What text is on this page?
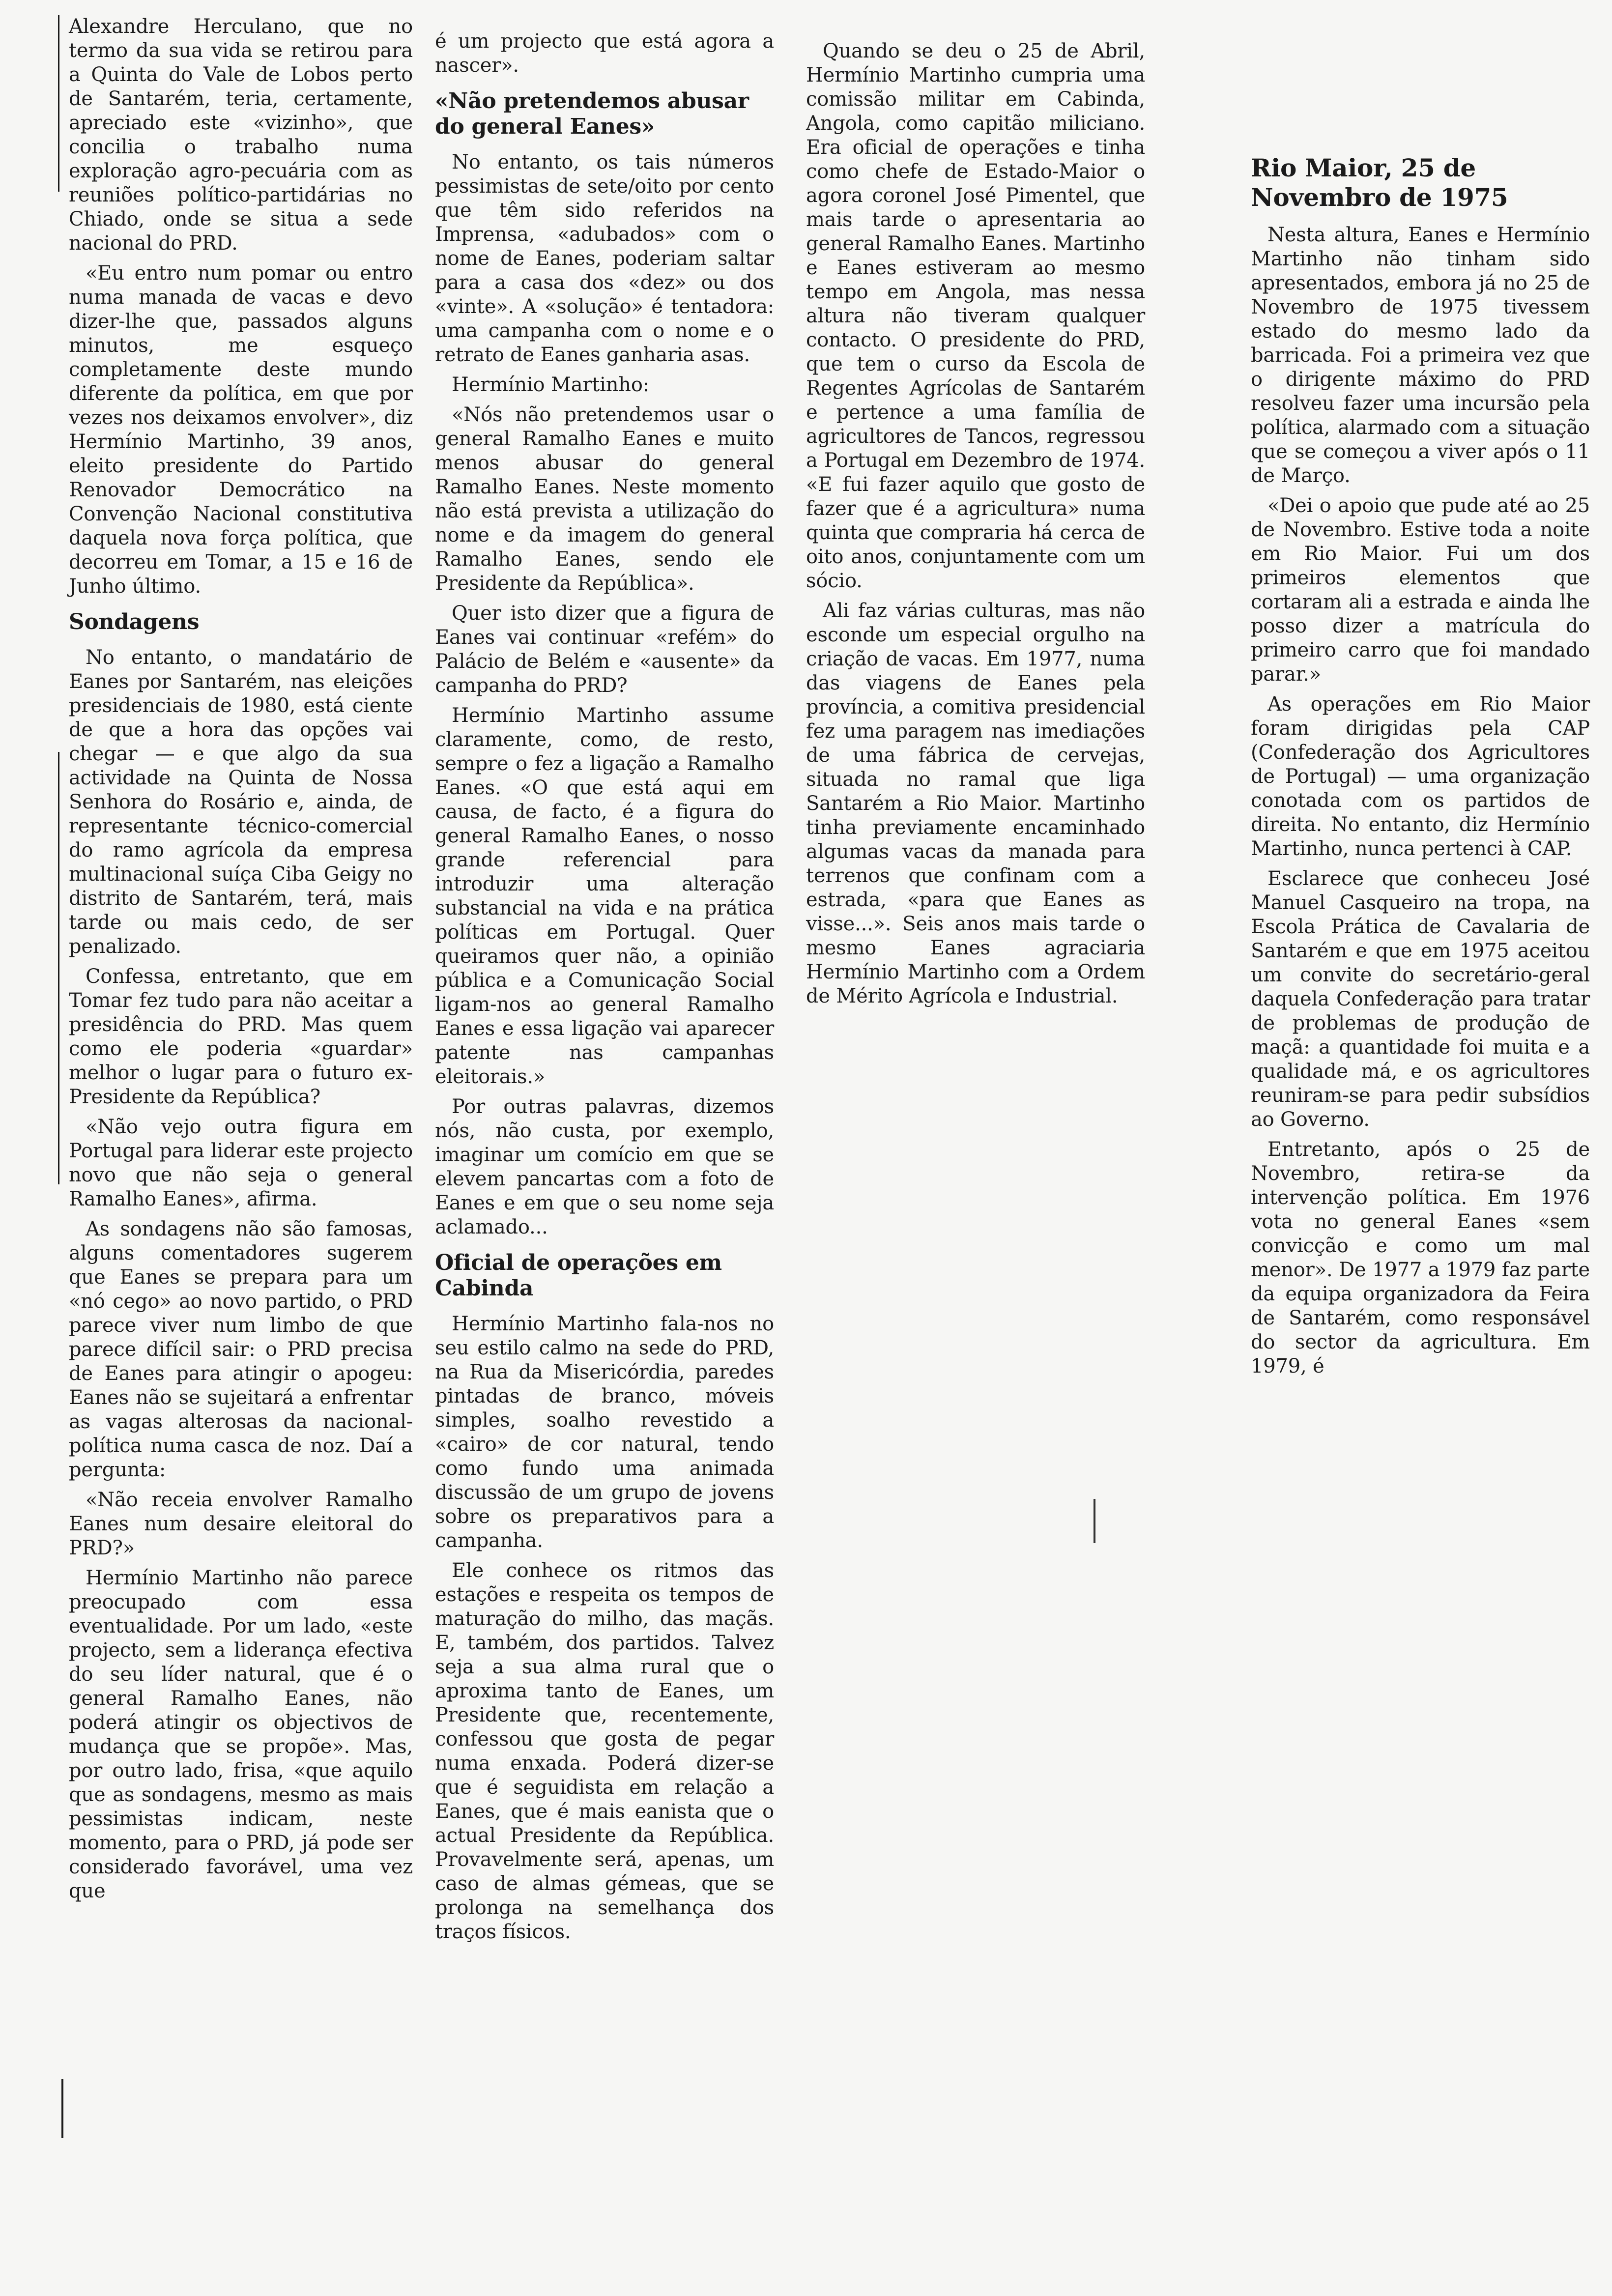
Alexandre Herculano, que no termo da sua vida se retirou para a Quinta do Vale de Lobos perto de Santarém, teria, certamente, apreciado este «vizinho», que concilia o trabalho numa exploração agro-pecuária com as reuniões político-partidárias no Chiado, onde se situa a sede nacional do PRD.

«Eu entro num pomar ou entro numa manada de vacas e devo dizer-lhe que, passados alguns minutos, me esqueço completamente deste mundo diferente da política, em que por vezes nos deixamos envolver», diz Hermínio Martinho, 39 anos, eleito presidente do Partido Renovador Democrático na Convenção Nacional constitutiva daquela nova força política, que decorreu em Tomar, a 15 e 16 de Junho último.

Sondagens

No entanto, o mandatário de Eanes por Santarém, nas eleições presidenciais de 1980, está ciente de que a hora das opções vai chegar — e que algo da sua actividade na Quinta de Nossa Senhora do Rosário e, ainda, de representante técnico-comercial do ramo agrícola da empresa multinacional suíça Ciba Geigy no distrito de Santarém, terá, mais tarde ou mais cedo, de ser penalizado.

Confessa, entretanto, que em Tomar fez tudo para não aceitar a presidência do PRD. Mas quem como ele poderia «guardar» melhor o lugar para o futuro ex-Presidente da República?

«Não vejo outra figura em Portugal para liderar este projecto novo que não seja o general Ramalho Eanes», afirma.

As sondagens não são famosas, alguns comentadores sugerem que Eanes se prepara para um «nó cego» ao novo partido, o PRD parece viver num limbo de que parece difícil sair: o PRD precisa de Eanes para atingir o apogeu: Eanes não se sujeitará a enfrentar as vagas alterosas da nacional-política numa casca de noz. Daí a pergunta:

«Não receia envolver Ramalho Eanes num desaire eleitoral do PRD?»

Hermínio Martinho não parece preocupado com essa eventualidade. Por um lado, «este projecto, sem a liderança efectiva do seu líder natural, que é o general Ramalho Eanes, não poderá atingir os objectivos de mudança que se propõe». Mas, por outro lado, frisa, «que aquilo que as sondagens, mesmo as mais pessimistas indicam, neste momento, para o PRD, já pode ser considerado favorável, uma vez que

é um projecto que está agora a nascer».

«Não pretendemos abusar do general Eanes»

No entanto, os tais números pessimistas de sete/oito por cento que têm sido referidos na Imprensa, «adubados» com o nome de Eanes, poderiam saltar para a casa dos «dez» ou dos «vinte». A «solução» é tentadora: uma campanha com o nome e o retrato de Eanes ganharia asas.

Hermínio Martinho:

«Nós não pretendemos usar o general Ramalho Eanes e muito menos abusar do general Ramalho Eanes. Neste momento não está prevista a utilização do nome e da imagem do general Ramalho Eanes, sendo ele Presidente da República».

Quer isto dizer que a figura de Eanes vai continuar «refém» do Palácio de Belém e «ausente» da campanha do PRD?

Hermínio Martinho assume claramente, como, de resto, sempre o fez a ligação a Ramalho Eanes. «O que está aqui em causa, de facto, é a figura do general Ramalho Eanes, o nosso grande referencial para introduzir uma alteração substancial na vida e na prática políticas em Portugal. Quer queiramos quer não, a opinião pública e a Comunicação Social ligam-nos ao general Ramalho Eanes e essa ligação vai aparecer patente nas campanhas eleitorais.»

Por outras palavras, dizemos nós, não custa, por exemplo, imaginar um comício em que se elevem pancartas com a foto de Eanes e em que o seu nome seja aclamado...

Oficial de operações em Cabinda

Hermínio Martinho fala-nos no seu estilo calmo na sede do PRD, na Rua da Misericórdia, paredes pintadas de branco, móveis simples, soalho revestido a «cairo» de cor natural, tendo como fundo uma animada discussão de um grupo de jovens sobre os preparativos para a campanha.

Ele conhece os ritmos das estações e respeita os tempos de maturação do milho, das maçãs. E, também, dos partidos. Talvez seja a sua alma rural que o aproxima tanto de Eanes, um Presidente que, recentemente, confessou que gosta de pegar numa enxada. Poderá dizer-se que é seguidista em relação a Eanes, que é mais eanista que o actual Presidente da República. Provavelmente será, apenas, um caso de almas gémeas, que se prolonga na semelhança dos traços físicos.

Quando se deu o 25 de Abril, Hermínio Martinho cumpria uma comissão militar em Cabinda, Angola, como capitão miliciano. Era oficial de operações e tinha como chefe de Estado-Maior o agora coronel José Pimentel, que mais tarde o apresentaria ao general Ramalho Eanes. Martinho e Eanes estiveram ao mesmo tempo em Angola, mas nessa altura não tiveram qualquer contacto. O presidente do PRD, que tem o curso da Escola de Regentes Agrícolas de Santarém e pertence a uma família de agricultores de Tancos, regressou a Portugal em Dezembro de 1974. «E fui fazer aquilo que gosto de fazer que é a agricultura» numa quinta que compraria há cerca de oito anos, conjuntamente com um sócio.

Ali faz várias culturas, mas não esconde um especial orgulho na criação de vacas. Em 1977, numa das viagens de Eanes pela província, a comitiva presidencial fez uma paragem nas imediações de uma fábrica de cervejas, situada no ramal que liga Santarém a Rio Maior. Martinho tinha previamente encaminhado algumas vacas da manada para terrenos que confinam com a estrada, «para que Eanes as visse...». Seis anos mais tarde o mesmo Eanes agraciaria Hermínio Martinho com a Ordem de Mérito Agrícola e Industrial.

Rio Maior, 25 de Novembro de 1975

Nesta altura, Eanes e Hermínio Martinho não tinham sido apresentados, embora já no 25 de Novembro de 1975 tivessem estado do mesmo lado da barricada. Foi a primeira vez que o dirigente máximo do PRD resolveu fazer uma incursão pela política, alarmado com a situação que se começou a viver após o 11 de Março.

«Dei o apoio que pude até ao 25 de Novembro. Estive toda a noite em Rio Maior. Fui um dos primeiros elementos que cortaram ali a estrada e ainda lhe posso dizer a matrícula do primeiro carro que foi mandado parar.»

As operações em Rio Maior foram dirigidas pela CAP (Confederação dos Agricultores de Portugal) — uma organização conotada com os partidos de direita. No entanto, diz Hermínio Martinho, nunca pertenci à CAP.

Esclarece que conheceu José Manuel Casqueiro na tropa, na Escola Prática de Cavalaria de Santarém e que em 1975 aceitou um convite do secretário-geral daquela Confederação para tratar de problemas de produção de maçã: a quantidade foi muita e a qualidade má, e os agricultores reuniram-se para pedir subsídios ao Governo.

Entretanto, após o 25 de Novembro, retira-se da intervenção política. Em 1976 vota no general Eanes «sem convicção e como um mal menor». De 1977 a 1979 faz parte da equipa organizadora da Feira de Santarém, como responsável do sector da agricultura. Em 1979, é
